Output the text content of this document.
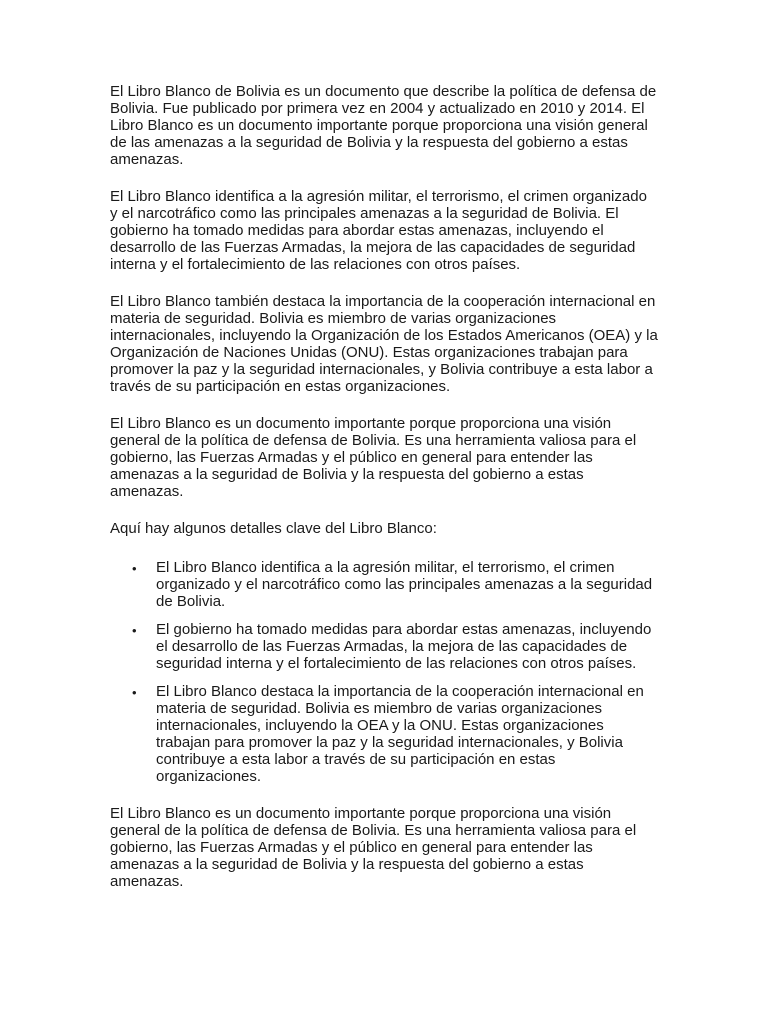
El Libro Blanco de Bolivia es un documento que describe la política de defensa de Bolivia. Fue publicado por primera vez en 2004 y actualizado en 2010 y 2014. El Libro Blanco es un documento importante porque proporciona una visión general de las amenazas a la seguridad de Bolivia y la respuesta del gobierno a estas amenazas.

El Libro Blanco identifica a la agresión militar, el terrorismo, el crimen organizado y el narcotráfico como las principales amenazas a la seguridad de Bolivia. El gobierno ha tomado medidas para abordar estas amenazas, incluyendo el desarrollo de las Fuerzas Armadas, la mejora de las capacidades de seguridad interna y el fortalecimiento de las relaciones con otros países.

El Libro Blanco también destaca la importancia de la cooperación internacional en materia de seguridad. Bolivia es miembro de varias organizaciones internacionales, incluyendo la Organización de los Estados Americanos (OEA) y la Organización de Naciones Unidas (ONU). Estas organizaciones trabajan para promover la paz y la seguridad internacionales, y Bolivia contribuye a esta labor a través de su participación en estas organizaciones.

El Libro Blanco es un documento importante porque proporciona una visión general de la política de defensa de Bolivia. Es una herramienta valiosa para el gobierno, las Fuerzas Armadas y el público en general para entender las amenazas a la seguridad de Bolivia y la respuesta del gobierno a estas amenazas.

Aquí hay algunos detalles clave del Libro Blanco:

• El Libro Blanco identifica a la agresión militar, el terrorismo, el crimen organizado y el narcotráfico como las principales amenazas a la seguridad de Bolivia.
• El gobierno ha tomado medidas para abordar estas amenazas, incluyendo el desarrollo de las Fuerzas Armadas, la mejora de las capacidades de seguridad interna y el fortalecimiento de las relaciones con otros países.
• El Libro Blanco destaca la importancia de la cooperación internacional en materia de seguridad. Bolivia es miembro de varias organizaciones internacionales, incluyendo la OEA y la ONU. Estas organizaciones trabajan para promover la paz y la seguridad internacionales, y Bolivia contribuye a esta labor a través de su participación en estas organizaciones.

El Libro Blanco es un documento importante porque proporciona una visión general de la política de defensa de Bolivia. Es una herramienta valiosa para el gobierno, las Fuerzas Armadas y el público en general para entender las amenazas a la seguridad de Bolivia y la respuesta del gobierno a estas amenazas.
